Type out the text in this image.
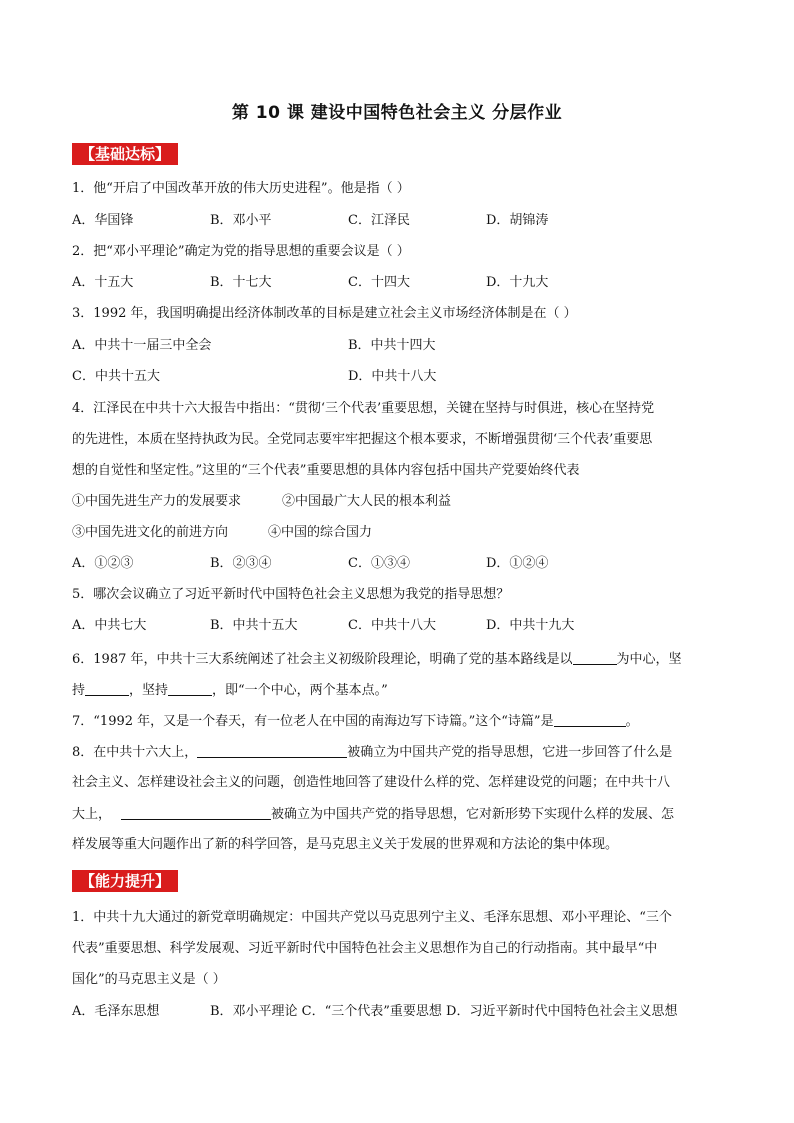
第 10 课 建设中国特色社会主义 分层作业
【基础达标】
1．他“开启了中国改革开放的伟大历史进程”。他是指（ ）
A．华国锋	B．邓小平	C．江泽民	D．胡锦涛
2．把“邓小平理论”确定为党的指导思想的重要会议是（ ）
A．十五大	B．十七大	C．十四大	D．十九大
3．1992 年，我国明确提出经济体制改革的目标是建立社会主义市场经济体制是在（ ）
A．中共十一届三中全会	B．中共十四大
C．中共十五大	D．中共十八大
4．江泽民在中共十六大报告中指出：“贯彻‘三个代表’重要思想，关键在坚持与时俱进，核心在坚持党
的先进性，本质在坚持执政为民。全党同志要牢牢把握这个根本要求，不断增强贯彻‘三个代表’重要思
想的自觉性和坚定性。”这里的“三个代表”重要思想的具体内容包括中国共产党要始终代表
①中国先进生产力的发展要求	②中国最广大人民的根本利益
③中国先进文化的前进方向	④中国的综合国力
A．①②③	B．②③④	C．①③④	D．①②④
5．哪次会议确立了习近平新时代中国特色社会主义思想为我党的指导思想？
A．中共七大	B．中共十五大	C．中共十八大	D．中共十九大
6．1987 年，中共十三大系统阐述了社会主义初级阶段理论，明确了党的基本路线是以	为中心，坚
持	，坚持	，即“一个中心，两个基本点。”
7．“1992 年，又是一个春天，有一位老人在中国的南海边写下诗篇。”这个“诗篇”是	。
8．在中共十六大上，	被确立为中国共产党的指导思想，它进一步回答了什么是
社会主义、怎样建设社会主义的问题，创造性地回答了建设什么样的党、怎样建设党的问题；在中共十八
大上，	被确立为中国共产党的指导思想，它对新形势下实现什么样的发展、怎
样发展等重大问题作出了新的科学回答，是马克思主义关于发展的世界观和方法论的集中体现。
【能力提升】
1．中共十九大通过的新党章明确规定：中国共产党以马克思列宁主义、毛泽东思想、邓小平理论、“三个
代表”重要思想、科学发展观、习近平新时代中国特色社会主义思想作为自己的行动指南。其中最早“中
国化”的马克思主义是（ ）
A．毛泽东思想	B．邓小平理论 C．“三个代表”重要思想 D．习近平新时代中国特色社会主义思想
